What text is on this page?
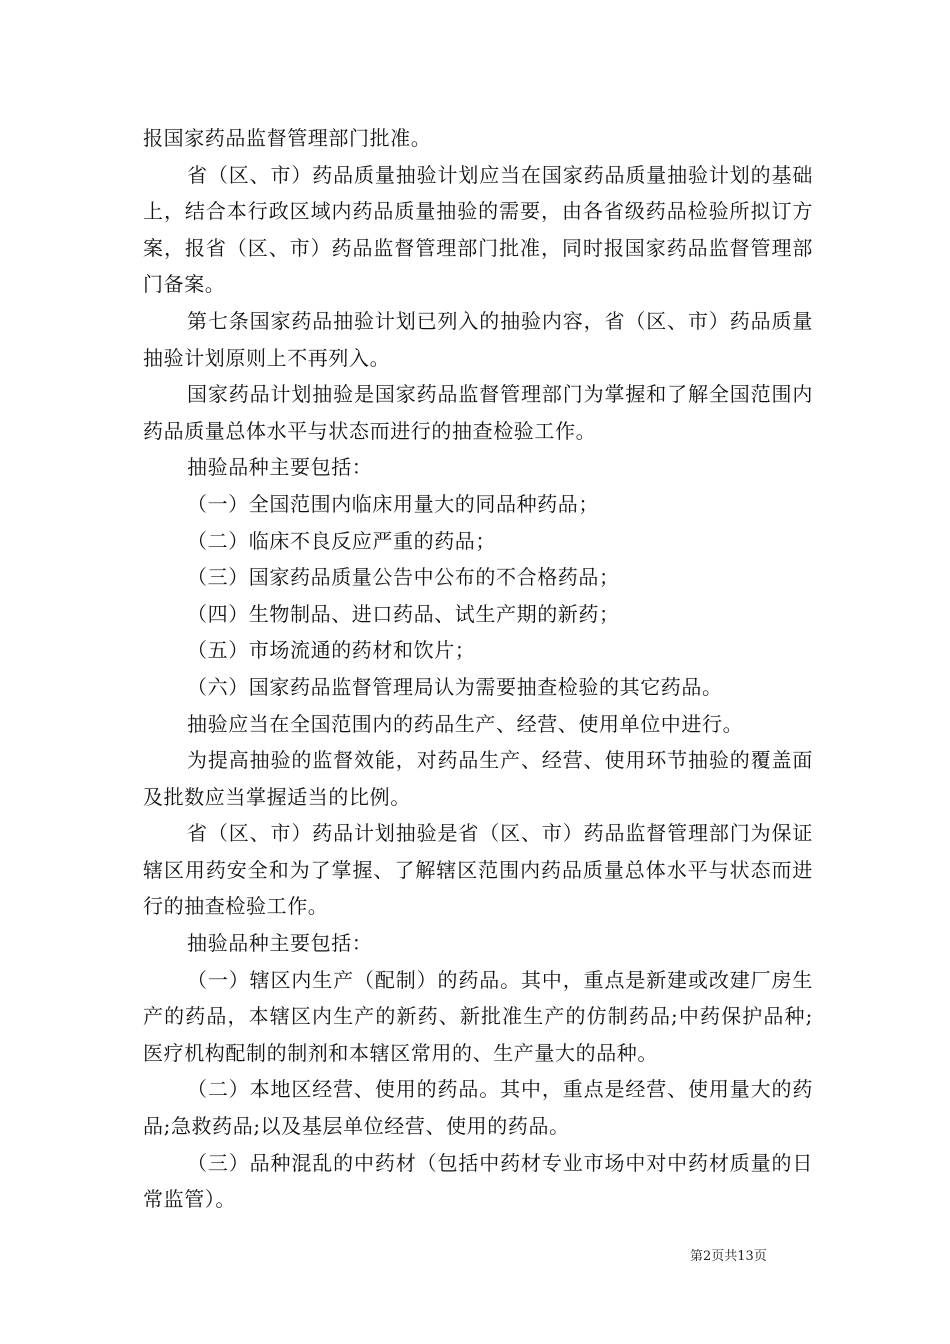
报国家药品监督管理部门批准。

省（区、市）药品质量抽验计划应当在国家药品质量抽验计划的基础上，结合本行政区域内药品质量抽验的需要，由各省级药品检验所拟订方案，报省（区、市）药品监督管理部门批准，同时报国家药品监督管理部门备案。

第七条国家药品抽验计划已列入的抽验内容，省（区、市）药品质量抽验计划原则上不再列入。

国家药品计划抽验是国家药品监督管理部门为掌握和了解全国范围内药品质量总体水平与状态而进行的抽查检验工作。

抽验品种主要包括：

（一）全国范围内临床用量大的同品种药品；

（二）临床不良反应严重的药品；

（三）国家药品质量公告中公布的不合格药品；

（四）生物制品、进口药品、试生产期的新药；

（五）市场流通的药材和饮片；

（六）国家药品监督管理局认为需要抽查检验的其它药品。

抽验应当在全国范围内的药品生产、经营、使用单位中进行。

为提高抽验的监督效能，对药品生产、经营、使用环节抽验的覆盖面及批数应当掌握适当的比例。

省（区、市）药品计划抽验是省（区、市）药品监督管理部门为保证辖区用药安全和为了掌握、了解辖区范围内药品质量总体水平与状态而进行的抽查检验工作。

抽验品种主要包括：

（一）辖区内生产（配制）的药品。其中，重点是新建或改建厂房生产的药品，本辖区内生产的新药、新批准生产的仿制药品;中药保护品种;医疗机构配制的制剂和本辖区常用的、生产量大的品种。

（二）本地区经营、使用的药品。其中，重点是经营、使用量大的药品;急救药品;以及基层单位经营、使用的药品。

（三）品种混乱的中药材（包括中药材专业市场中对中药材质量的日常监管）。

第2页共13页
